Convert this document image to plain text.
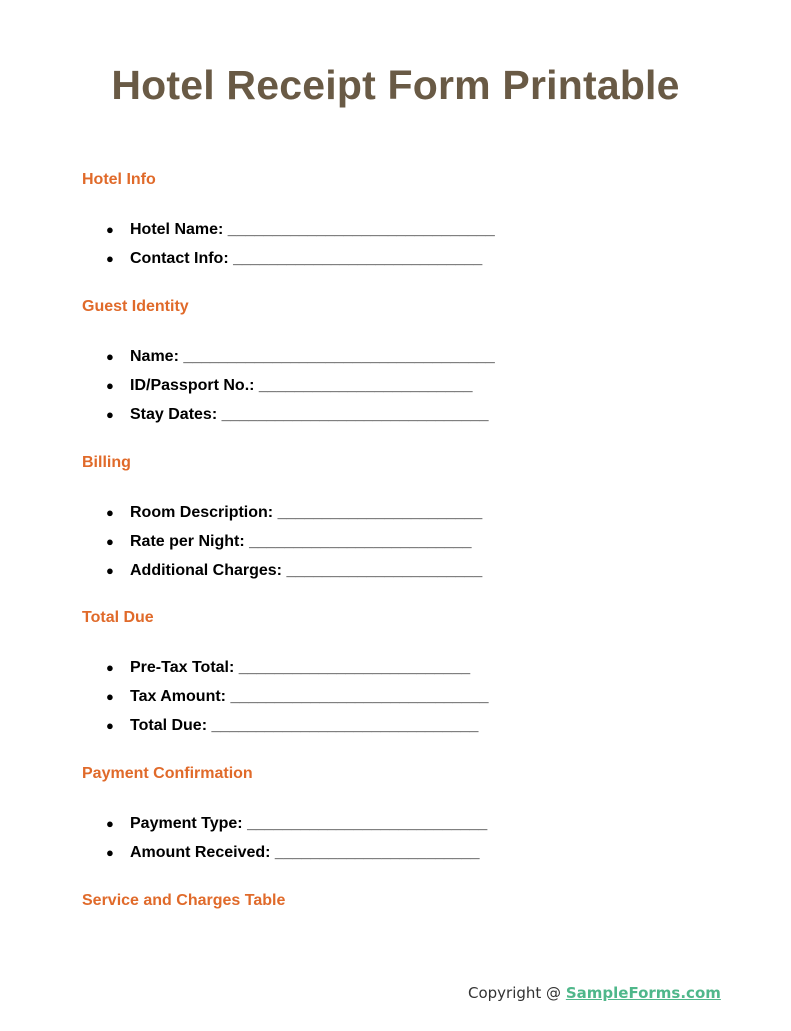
Hotel Receipt Form Printable
Hotel Info
● Hotel Name: ______________________________
● Contact Info: ____________________________
Guest Identity
● Name: ___________________________________
● ID/Passport No.: ________________________
● Stay Dates: ______________________________
Billing
● Room Description: _______________________
● Rate per Night: _________________________
● Additional Charges: ______________________
Total Due
● Pre-Tax Total: __________________________
● Tax Amount: _____________________________
● Total Due: ______________________________
Payment Confirmation
● Payment Type: ___________________________
● Amount Received: _______________________
Service and Charges Table
Copyright @ SampleForms.com
